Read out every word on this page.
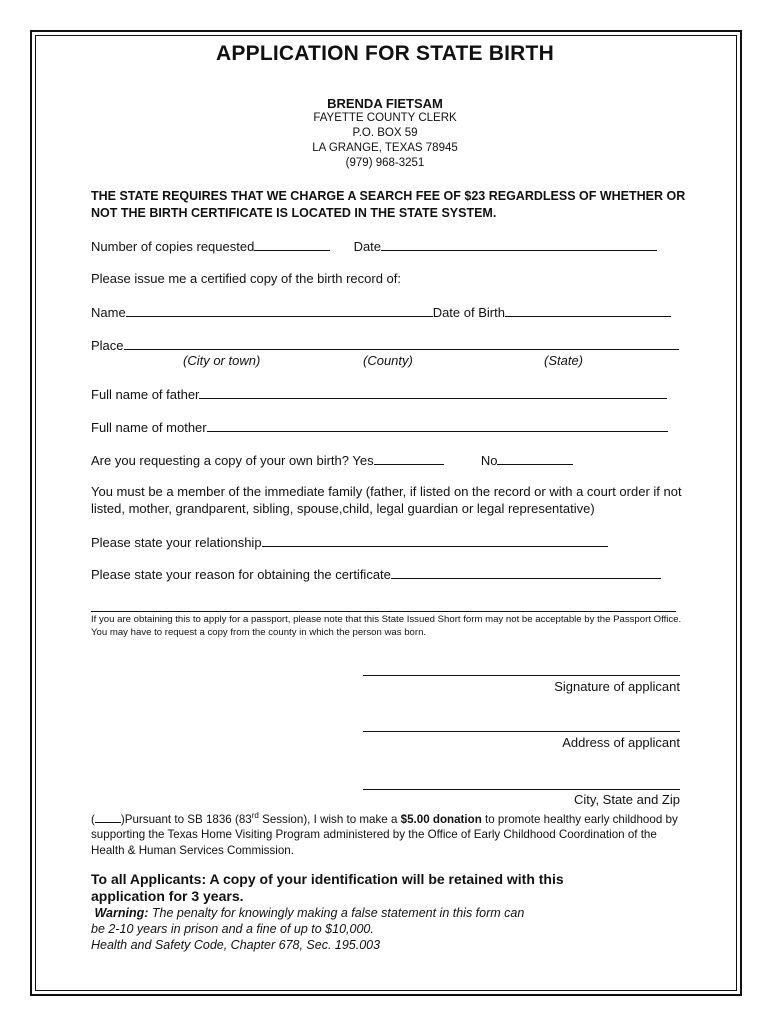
APPLICATION FOR STATE BIRTH
BRENDA FIETSAM
FAYETTE COUNTY CLERK
P.O. BOX 59
LA GRANGE, TEXAS 78945
(979) 968-3251
THE STATE REQUIRES THAT WE CHARGE A SEARCH FEE OF $23 REGARDLESS OF WHETHER OR NOT THE BIRTH CERTIFICATE IS LOCATED IN THE STATE SYSTEM.
Number of copies requested	Date
Please issue me a certified copy of the birth record of:
Name	Date of Birth
Place
(City or town)	(County)	(State)
Full name of father
Full name of mother
Are you requesting a copy of your own birth? Yes	No
You must be a member of the immediate family (father, if listed on the record or with a court order if not listed, mother, grandparent, sibling, spouse,child, legal guardian or legal representative)
Please state your relationship
Please state your reason for obtaining the certificate
If you are obtaining this to apply for a passport, please note that this State Issued Short form may not be acceptable by the Passport Office. You may have to request a copy from the county in which the person was born.
Signature of applicant
Address of applicant
City, State and Zip
( )Pursuant to SB 1836 (83rd Session), I wish to make a $5.00 donation to promote healthy early childhood by supporting the Texas Home Visiting Program administered by the Office of Early Childhood Coordination of the Health & Human Services Commission.
To all Applicants: A copy of your identification will be retained with this
application for 3 years.
Warning: The penalty for knowingly making a false statement in this form can
be 2-10 years in prison and a fine of up to $10,000.
Health and Safety Code, Chapter 678, Sec. 195.003
